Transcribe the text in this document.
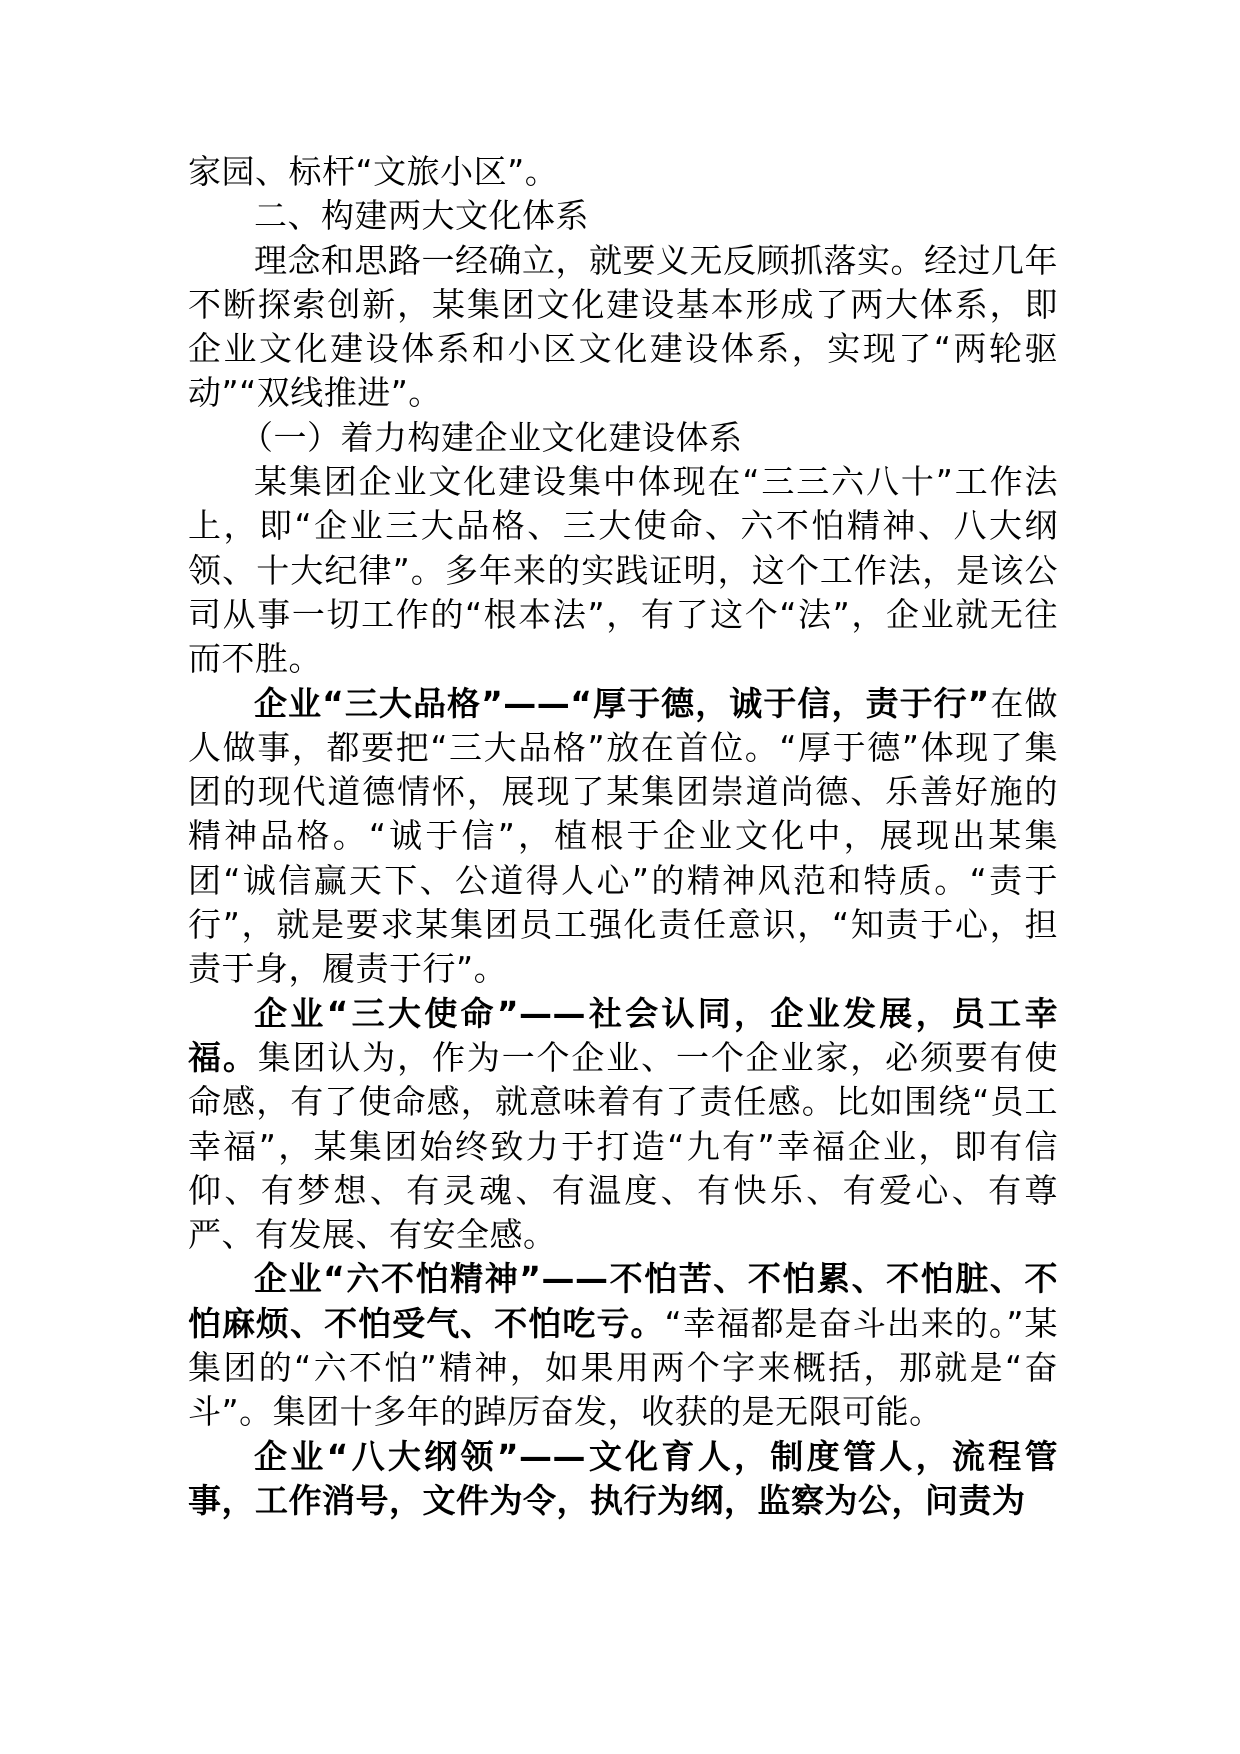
家园、标杆“文旅小区”。

二、构建两大文化体系

理念和思路一经确立，就要义无反顾抓落实。经过几年不断探索创新，某集团文化建设基本形成了两大体系，即企业文化建设体系和小区文化建设体系，实现了“两轮驱动”“双线推进”。

（一）着力构建企业文化建设体系

某集团企业文化建设集中体现在“三三六八十”工作法上，即“企业三大品格、三大使命、六不怕精神、八大纲领、十大纪律”。多年来的实践证明，这个工作法，是该公司从事一切工作的“根本法”，有了这个“法”，企业就无往而不胜。

企业“三大品格”——“厚于德，诚于信，责于行”在做人做事，都要把“三大品格”放在首位。“厚于德”体现了集团的现代道德情怀，展现了某集团崇道尚德、乐善好施的精神品格。“诚于信”，植根于企业文化中，展现出某集团“诚信赢天下、公道得人心”的精神风范和特质。“责于行”，就是要求某集团员工强化责任意识，“知责于心，担责于身，履责于行”。

企业“三大使命”——社会认同，企业发展，员工幸福。集团认为，作为一个企业、一个企业家，必须要有使命感，有了使命感，就意味着有了责任感。比如围绕“员工幸福”，某集团始终致力于打造“九有”幸福企业，即有信仰、有梦想、有灵魂、有温度、有快乐、有爱心、有尊严、有发展、有安全感。

企业“六不怕精神”——不怕苦、不怕累、不怕脏、不怕麻烦、不怕受气、不怕吃亏。“幸福都是奋斗出来的。”某集团的“六不怕”精神，如果用两个字来概括，那就是“奋斗”。集团十多年的踔厉奋发，收获的是无限可能。

企业“八大纲领”——文化育人，制度管人，流程管事，工作消号，文件为令，执行为纲，监察为公，问责为
